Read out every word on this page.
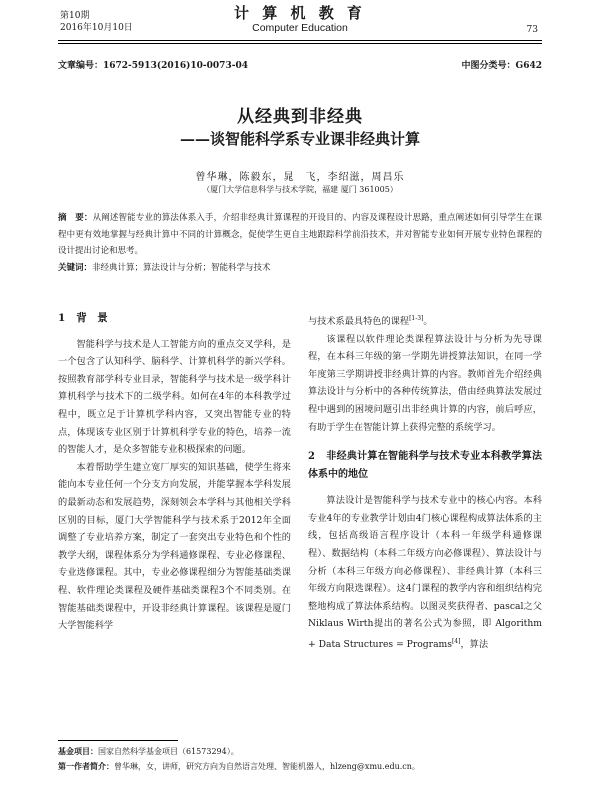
第10期
2016年10月10日
计 算 机 教 育
Computer Education	73
文章编号：1672-5913(2016)10-0073-04	中图分类号：G642
从经典到非经典
——谈智能科学系专业课非经典计算
曾华琳，陈毅东，晁　飞，李绍滋，周昌乐
（厦门大学信息科学与技术学院，福建 厦门 361005）
摘　要：从阐述智能专业的算法体系入手，介绍非经典计算课程的开设目的、内容及课程设计思路，重点阐述如何引导学生在课程中更有效地掌握与经典计算中不同的计算概念，促使学生更自主地跟踪科学前沿技术，并对智能专业如何开展专业特色课程的设计提出讨论和思考。
关键词：非经典计算；算法设计与分析；智能科学与技术
1 背　景

智能科学与技术是人工智能方向的重点交叉学科，是一个包含了认知科学、脑科学、计算机科学的新兴学科。按照教育部学科专业目录，智能科学与技术是一级学科计算机科学与技术下的二级学科。如何在4年的本科教学过程中，既立足于计算机学科内容，又突出智能专业的特点，体现该专业区别于计算机科学专业的特色，培养一流的智能人才，是众多智能专业积极探索的问题。

本着帮助学生建立宽厂厚实的知识基础，使学生将来能向本专业任何一个分支方向发展，并能掌握本学科发展的最新动态和发展趋势，深刻领会本学科与其他相关学科区别的目标，厦门大学智能科学与技术系于2012年全面调整了专业培养方案，制定了一套突出专业特色和个性的教学大纲，课程体系分为学科通修课程、专业必修课程、专业选修课程。其中，专业必修课程细分为智能基础类课程、软件理论类课程及硬件基础类课程3个不同类别。在智能基础类课程中，开设非经典计算课程。该课程是厦门大学智能科学

与技术系最具特色的课程[1-3]。

该课程以软件理论类课程算法设计与分析为先导课程，在本科三年级的第一学期先讲授算法知识，在同一学年度第三学期讲授非经典计算的内容。教师首先介绍经典算法设计与分析中的各种传统算法，借由经典算法发展过程中遇到的困境问题引出非经典计算的内容，前后呼应，有助于学生在智能计算上获得完整的系统学习。

2 非经典计算在智能科学与技术专业本科教学算法体系中的地位

算法设计是智能科学与技术专业中的核心内容。本科专业4年的专业教学计划由4门核心课程构成算法体系的主线，包括高级语言程序设计（本科一年级学科通修课程）、数据结构（本科二年级方向必修课程）、算法设计与分析（本科三年级方向必修课程）、非经典计算（本科三年级方向限选课程）。这4门课程的教学内容和组织结构完整地构成了算法体系结构。以图灵奖获得者、pascal之父Niklaus Wirth提出的著名公式为参照，即 Algorithm + Data Structures = Programs[4]，算法

基金项目：国家自然科学基金项目（61573294）。
第一作者简介：曾华琳，女，讲师，研究方向为自然语言处理、智能机器人，hlzeng@xmu.edu.cn。
